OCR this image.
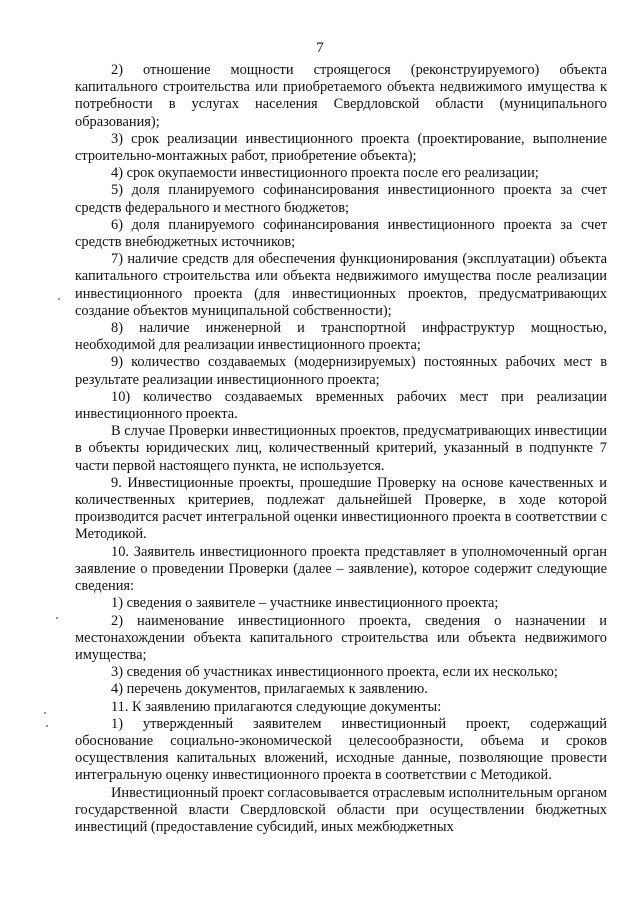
7

2) отношение мощности строящегося (реконструируемого) объекта капитального строительства или приобретаемого объекта недвижимого имущества к потребности в услугах населения Свердловской области (муниципального образования);

3) срок реализации инвестиционного проекта (проектирование, выполнение строительно-монтажных работ, приобретение объекта);

4) срок окупаемости инвестиционного проекта после его реализации;

5) доля планируемого софинансирования инвестиционного проекта за счет средств федерального и местного бюджетов;

6) доля планируемого софинансирования инвестиционного проекта за счет средств внебюджетных источников;

7) наличие средств для обеспечения функционирования (эксплуатации) объекта капитального строительства или объекта недвижимого имущества после реализации инвестиционного проекта (для инвестиционных проектов, предусматривающих создание объектов муниципальной собственности);

8) наличие инженерной и транспортной инфраструктур мощностью, необходимой для реализации инвестиционного проекта;

9) количество создаваемых (модернизируемых) постоянных рабочих мест в результате реализации инвестиционного проекта;

10) количество создаваемых временных рабочих мест при реализации инвестиционного проекта.

В случае Проверки инвестиционных проектов, предусматривающих инвестиции в объекты юридических лиц, количественный критерий, указанный в подпункте 7 части первой настоящего пункта, не используется.

9. Инвестиционные проекты, прошедшие Проверку на основе качественных и количественных критериев, подлежат дальнейшей Проверке, в ходе которой производится расчет интегральной оценки инвестиционного проекта в соответствии с Методикой.

10. Заявитель инвестиционного проекта представляет в уполномоченный орган заявление о проведении Проверки (далее – заявление), которое содержит следующие сведения:

1) сведения о заявителе – участнике инвестиционного проекта;

2) наименование инвестиционного проекта, сведения о назначении и местонахождении объекта капитального строительства или объекта недвижимого имущества;

3) сведения об участниках инвестиционного проекта, если их несколько;

4) перечень документов, прилагаемых к заявлению.

11. К заявлению прилагаются следующие документы:

1) утвержденный заявителем инвестиционный проект, содержащий обоснование социально-экономической целесообразности, объема и сроков осуществления капитальных вложений, исходные данные, позволяющие провести интегральную оценку инвестиционного проекта в соответствии с Методикой.

Инвестиционный проект согласовывается отраслевым исполнительным органом государственной власти Свердловской области при осуществлении бюджетных инвестиций (предоставление субсидий, иных межбюджетных
